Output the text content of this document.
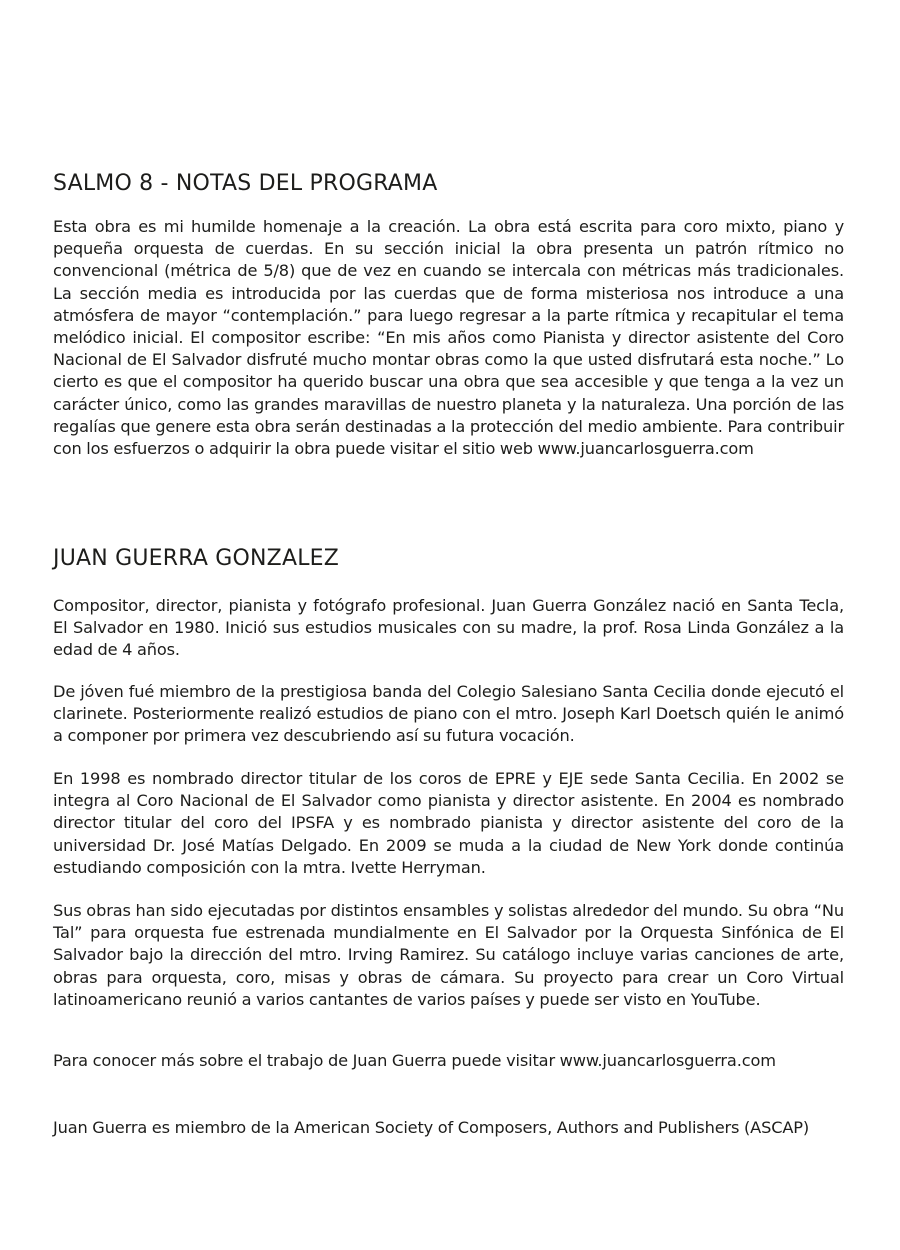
SALMO 8 - NOTAS DEL PROGRAMA

Esta obra es mi humilde homenaje a la creación. La obra está escrita para coro mixto, piano y pequeña orquesta de cuerdas. En su sección inicial la obra presenta un patrón rítmico no convencional (métrica de 5/8) que de vez en cuando se intercala con métricas más tradicionales. La sección media es introducida por las cuerdas que de forma misteriosa nos introduce a una atmósfera de mayor “contemplación.” para luego regresar a la parte rítmica y recapitular el tema melódico inicial. El compositor escribe: “En mis años como Pianista y director asistente del Coro Nacional de El Salvador disfruté mucho montar obras como la que usted disfrutará esta noche.” Lo cierto es que el compositor ha querido buscar una obra que sea accesible y que tenga a la vez un carácter único, como las grandes maravillas de nuestro planeta y la naturaleza. Una porción de las regalías que genere esta obra serán destinadas a la protección del medio ambiente. Para contribuir con los esfuerzos o adquirir la obra puede visitar el sitio web www.juancarlosguerra.com

JUAN GUERRA GONZALEZ

Compositor, director, pianista y fotógrafo profesional. Juan Guerra González nació en Santa Tecla, El Salvador en 1980. Inició sus estudios musicales con su madre, la prof. Rosa Linda González a la edad de 4 años.

De jóven fué miembro de la prestigiosa banda del Colegio Salesiano Santa Cecilia donde ejecutó el clarinete. Posteriormente realizó estudios de piano con el mtro. Joseph Karl Doetsch quién le animó a componer por primera vez descubriendo así su futura vocación.

En 1998 es nombrado director titular de los coros de EPRE y EJE sede Santa Cecilia. En 2002 se integra al Coro Nacional de El Salvador como pianista y director asistente. En 2004 es nombrado director titular del coro del IPSFA y es nombrado pianista y director asistente del coro de la universidad Dr. José Matías Delgado. En 2009 se muda a la ciudad de New York donde continúa estudiando composición con la mtra. Ivette Herryman.

Sus obras han sido ejecutadas por distintos ensambles y solistas alrededor del mundo. Su obra “Nu Tal” para orquesta fue estrenada mundialmente en El Salvador por la Orquesta Sinfónica de El Salvador bajo la dirección del mtro. Irving Ramirez. Su catálogo incluye varias canciones de arte, obras para orquesta, coro, misas y obras de cámara. Su proyecto para crear un Coro Virtual latinoamericano reunió a varios cantantes de varios países y puede ser visto en YouTube.

Para conocer más sobre el trabajo de Juan Guerra puede visitar www.juancarlosguerra.com

Juan Guerra es miembro de la American Society of Composers, Authors and Publishers (ASCAP)
